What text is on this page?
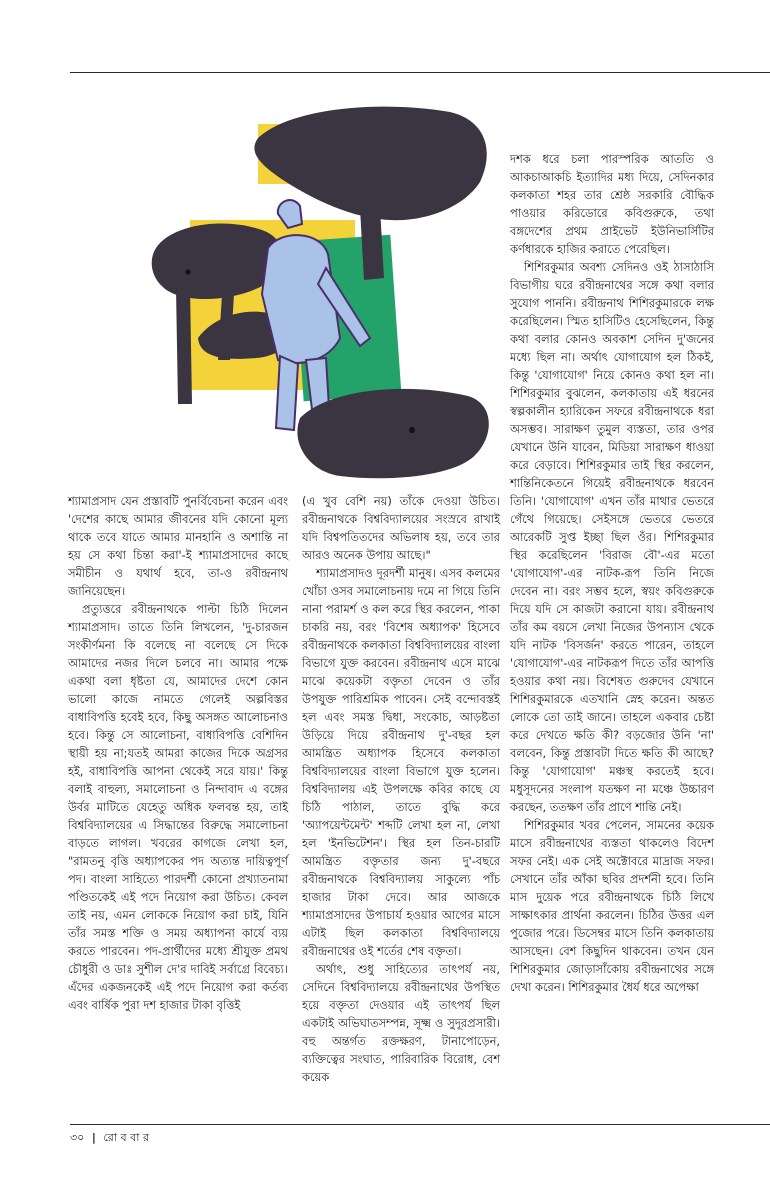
শ্যামাপ্রসাদ যেন প্রস্তাবটি পুনর্বিবেচনা করেন এবং 'দেশের কাছে আমার জীবনের যদি কোনো মূল্য থাকে তবে যাতে আমার মানহানি ও অশান্তি না হয় সে কথা চিন্তা করা'-ই শ্যামাপ্রসাদের কাছে সমীচীন ও যথার্থ হবে, তা-ও রবীন্দ্রনাথ জানিয়েছেন।

প্রত্যুত্তরে রবীন্দ্রনাথকে পাল্টা চিঠি দিলেন শ্যামাপ্রসাদ। তাতে তিনি লিখলেন, 'দু-চারজন সংকীর্ণমনা কি বলেছে না বলেছে সে দিকে আমাদের নজর দিলে চলবে না। আমার পক্ষে একথা বলা ধৃষ্টতা যে, আমাদের দেশে কোন ভালো কাজে নামতে গেলেই অল্পবিস্তর বাধাবিপত্তি হবেই হবে, কিছু অসঙ্গত আলোচনাও হবে। কিন্তু সে আলোচনা, বাধাবিপত্তি বেশিদিন স্থায়ী হয় না;যতই আমরা কাজের দিকে অগ্রসর হই, বাধাবিপত্তি আপনা থেকেই সরে যায়।' কিন্তু বলাই বাহুল্য, সমালোচনা ও নিন্দাবাদ এ বঙ্গের উর্বর মাটিতে যেহেতু অধিক ফলবন্ত হয়, তাই বিশ্ববিদ্যালয়ের এ সিদ্ধান্তের বিরুদ্ধে সমালোচনা বাড়তে লাগল। খবরের কাগজে লেখা হল, "রামতনু বৃত্তি অধ্যাপকের পদ অত্যন্ত দায়িত্বপূর্ণ পদ। বাংলা সাহিত্যে পারদর্শী কোনো প্রখ্যাতনামা পণ্ডিতকেই এই পদে নিয়োগ করা উচিত। কেবল তাই নয়, এমন লোককে নিয়োগ করা চাই, যিনি তাঁর সমস্ত শক্তি ও সময় অধ্যাপনা কার্যে ব্যয় করতে পারবেন। পদ-প্রার্থীদের মধ্যে শ্রীযুক্ত প্রমথ চৌধুরী ও ডাঃ সুশীল দে'র দাবিই সর্বাগ্রে বিবেচ্য। এঁদের একজনকেই এই পদে নিয়োগ করা কর্তব্য এবং বার্ষিক পুরা দশ হাজার টাকা বৃত্তিই

(এ খুব বেশি নয়) তাঁকে দেওয়া উচিত। রবীন্দ্রনাথকে বিশ্ববিদ্যালয়ের সংস্রবে রাখাই যদি বিশ্বপতিতদের অভিলাষ হয়, তবে তার আরও অনেক উপায় আছে।"

শ্যামাপ্রসাদও দূরদর্শী মানুষ। এসব কলমের খোঁচা ওসব সমালোচনায় দমে না গিয়ে তিনি নানা পরামর্শ ও কল করে স্থির করলেন, পাকা চাকরি নয়, বরং 'বিশেষ অধ্যাপক' হিসেবে রবীন্দ্রনাথকে কলকাতা বিশ্ববিদ্যালয়ের বাংলা বিভাগে যুক্ত করবেন। রবীন্দ্রনাথ এসে মাঝে মাঝে কয়েকটা বক্তৃতা দেবেন ও তাঁর উপযুক্ত পারিশ্রমিক পাবেন। সেই বন্দোবস্তই হল এবং সমস্ত দ্বিধা, সংকোচ, আড়ষ্টতা উড়িয়ে দিয়ে রবীন্দ্রনাথ দু'-বছর হল আমন্ত্রিত অধ্যাপক হিসেবে কলকাতা বিশ্ববিদ্যালয়ের বাংলা বিভাগে যুক্ত হলেন। বিশ্ববিদ্যালয় এই উপলক্ষে কবির কাছে যে চিঠি পাঠাল, তাতে বুদ্ধি করে 'অ্যাপয়েন্টমেন্ট' শব্দটি লেখা হল না, লেখা হল 'ইনভিটেশন'। স্থির হল তিন-চারটি আমন্ত্রিত বক্তৃতার জন্য দু'-বছরে রবীন্দ্রনাথকে বিশ্ববিদ্যালয় সাকুল্যে পাঁচ হাজার টাকা দেবে। আর আজকে শ্যামাপ্রসাদের উপাচার্য হওয়ার আগের মাসে এটাই ছিল কলকাতা বিশ্ববিদ্যালয়ে রবীন্দ্রনাথের ওই শর্তের শেষ বক্তৃতা।

অর্থাৎ, শুধু সাহিত্যের তাৎপর্য নয়, সেদিনে বিশ্ববিদ্যালয়ে রবীন্দ্রনাথের উপস্থিত হয়ে বক্তৃতা দেওয়ার এই তাৎপর্য ছিল একটাই অভিঘাতসম্পন্ন, সূক্ষ্ম ও সুদূরপ্রসারী। বহু অন্তর্গত রক্তক্ষরণ, টানাপোড়েন, ব্যক্তিত্বের সংঘাত, পারিবারিক বিরোধ, বেশ কয়েক

দশক ধরে চলা পারস্পরিক আততি ও আকচাআকচি ইত্যাদির মধ্য দিয়ে, সেদিনকার কলকাতা শহর তার শ্রেষ্ঠ সরকারি বৌদ্ধিক পাওয়ার করিডোরে কবিগুরুকে, তথা বঙ্গদেশের প্রথম প্রাইভেট ইউনিভার্সিটির কর্ণধারকে হাজির করাতে পেরেছিল।

শিশিরকুমার অবশ্য সেদিনও ওই ঠাসাঠাসি বিভাগীয় ঘরে রবীন্দ্রনাথের সঙ্গে কথা বলার সুযোগ পাননি। রবীন্দ্রনাথ শিশিরকুমারকে লক্ষ করেছিলেন। স্মিত হাসিটিও হেসেছিলেন, কিন্তু কথা বলার কোনও অবকাশ সেদিন দু'জনের মধ্যে ছিল না। অর্থাৎ যোগাযোগ হল ঠিকই, কিন্তু 'যোগাযোগ' নিয়ে কোনও কথা হল না। শিশিরকুমার বুঝলেন, কলকাতায় এই ধরনের স্বল্পকালীন হ্যারিকেন সফরে রবীন্দ্রনাথকে ধরা অসম্ভব। সারাক্ষণ তুমুল ব্যস্ততা, তার ওপর যেখানে উনি যাবেন, মিডিয়া সারাক্ষণ ধাওয়া করে বেড়াবে। শিশিরকুমার তাই স্থির করলেন, শান্তিনিকেতনে গিয়েই রবীন্দ্রনাথকে ধরবেন তিনি। 'যোগাযোগ' এখন তাঁর মাথার ভেতরে গেঁথে গিয়েছে। সেইসঙ্গে ভেতরে ভেতরে আরেকটি সুপ্ত ইচ্ছা ছিল ওঁর। শিশিরকুমার স্থির করেছিলেন 'বিরাজ বৌ'-এর মতো 'যোগাযোগ'-এর নাটক-রূপ তিনি নিজে দেবেন না। বরং সম্ভব হলে, স্বয়ং কবিগুরুকে দিয়ে যদি সে কাজটা করানো যায়। রবীন্দ্রনাথ তাঁর কম বয়সে লেখা নিজের উপন্যাস থেকে যদি নাটক 'বিসর্জন' করতে পারেন, তাহলে 'যোগাযোগ'-এর নাটকরূপ দিতে তাঁর আপত্তি হওয়ার কথা নয়। বিশেষত গুরুদেব যেখানে শিশিরকুমারকে এতখানি স্নেহ করেন। অন্তত লোকে তো তাই জানে। তাহলে একবার চেষ্টা করে দেখতে ক্ষতি কী? বড়জোর উনি 'না' বলবেন, কিন্তু প্রস্তাবটা দিতে ক্ষতি কী আছে? কিন্তু 'যোগাযোগ' মঞ্চস্থ করতেই হবে। মধুসূদনের সংলাপ যতক্ষণ না মঞ্চে উচ্চারণ করছেন, ততক্ষণ তাঁর প্রাণে শান্তি নেই।

শিশিরকুমার খবর পেলেন, সামনের কয়েক মাসে রবীন্দ্রনাথের ব্যস্ততা থাকলেও বিদেশ সফর নেই। এক সেই অক্টোবরে মাদ্রাজ সফর। সেখানে তাঁর আঁকা ছবির প্রদর্শনী হবে। তিনি মাস দুয়েক পরে রবীন্দ্রনাথকে চিঠি লিখে সাক্ষাৎকার প্রার্থনা করলেন। চিঠির উত্তর এল পুজোর পরে। ডিসেম্বর মাসে তিনি কলকাতায় আসছেন। বেশ কিছুদিন থাকবেন। তখন যেন শিশিরকুমার জোড়াসাঁকোয় রবীন্দ্রনাথের সঙ্গে দেখা করেন। শিশিরকুমার ধৈর্য ধরে অপেক্ষা

৩০ | রো ব বা র
